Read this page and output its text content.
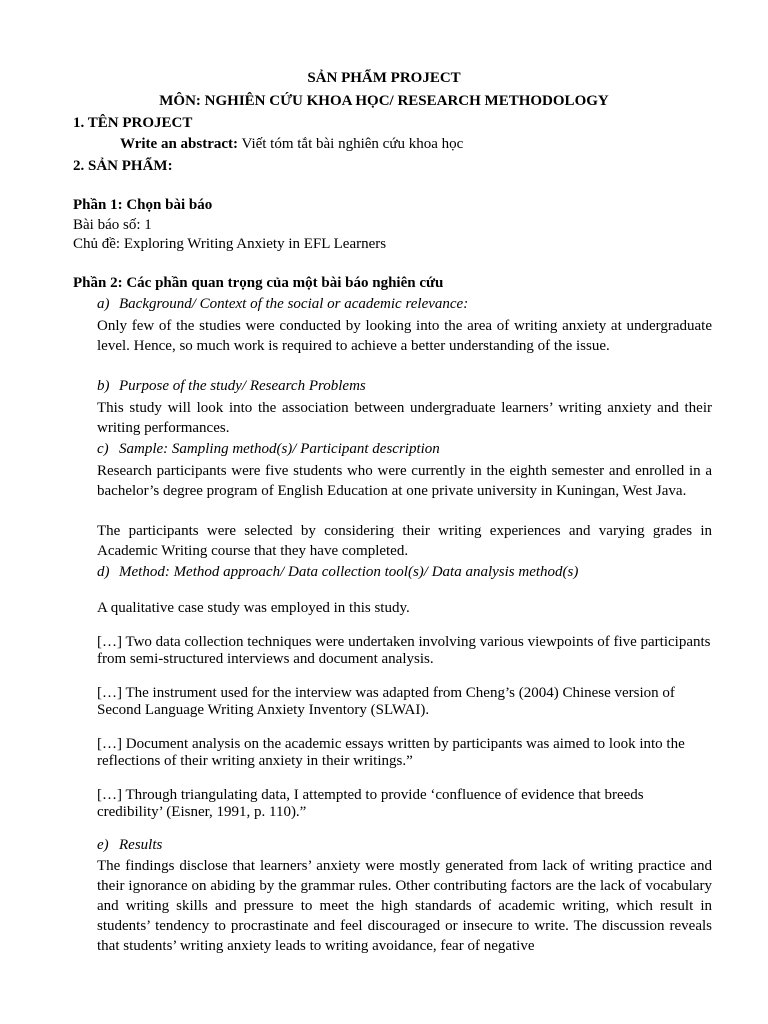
SẢN PHẨM PROJECT
MÔN: NGHIÊN CỨU KHOA HỌC/ RESEARCH METHODOLOGY
1. TÊN PROJECT
Write an abstract: Viết tóm tắt bài nghiên cứu khoa học
2. SẢN PHẨM:
Phần 1: Chọn bài báo
Bài báo số: 1
Chủ đề: Exploring Writing Anxiety in EFL Learners
Phần 2: Các phần quan trọng của một bài báo nghiên cứu
a) Background/ Context of the social or academic relevance:
Only few of the studies were conducted by looking into the area of writing anxiety at undergraduate level. Hence, so much work is required to achieve a better understanding of the issue.
b) Purpose of the study/ Research Problems
This study will look into the association between undergraduate learners’ writing anxiety and their writing performances.
c) Sample: Sampling method(s)/ Participant description
Research participants were five students who were currently in the eighth semester and enrolled in a bachelor’s degree program of English Education at one private university in Kuningan, West Java.
The participants were selected by considering their writing experiences and varying grades in Academic Writing course that they have completed.
d) Method: Method approach/ Data collection tool(s)/ Data analysis method(s)
A qualitative case study was employed in this study.
[…] Two data collection techniques were undertaken involving various viewpoints of five participants from semi-structured interviews and document analysis.
[…] The instrument used for the interview was adapted from Cheng’s (2004) Chinese version of Second Language Writing Anxiety Inventory (SLWAI).
[…] Document analysis on the academic essays written by participants was aimed to look into the reflections of their writing anxiety in their writings.”
[…] Through triangulating data, I attempted to provide ‘confluence of evidence that breeds credibility’ (Eisner, 1991, p. 110).”
e) Results
The findings disclose that learners’ anxiety were mostly generated from lack of writing practice and their ignorance on abiding by the grammar rules. Other contributing factors are the lack of vocabulary and writing skills and pressure to meet the high standards of academic writing, which result in students’ tendency to procrastinate and feel discouraged or insecure to write. The discussion reveals that students’ writing anxiety leads to writing avoidance, fear of negative
